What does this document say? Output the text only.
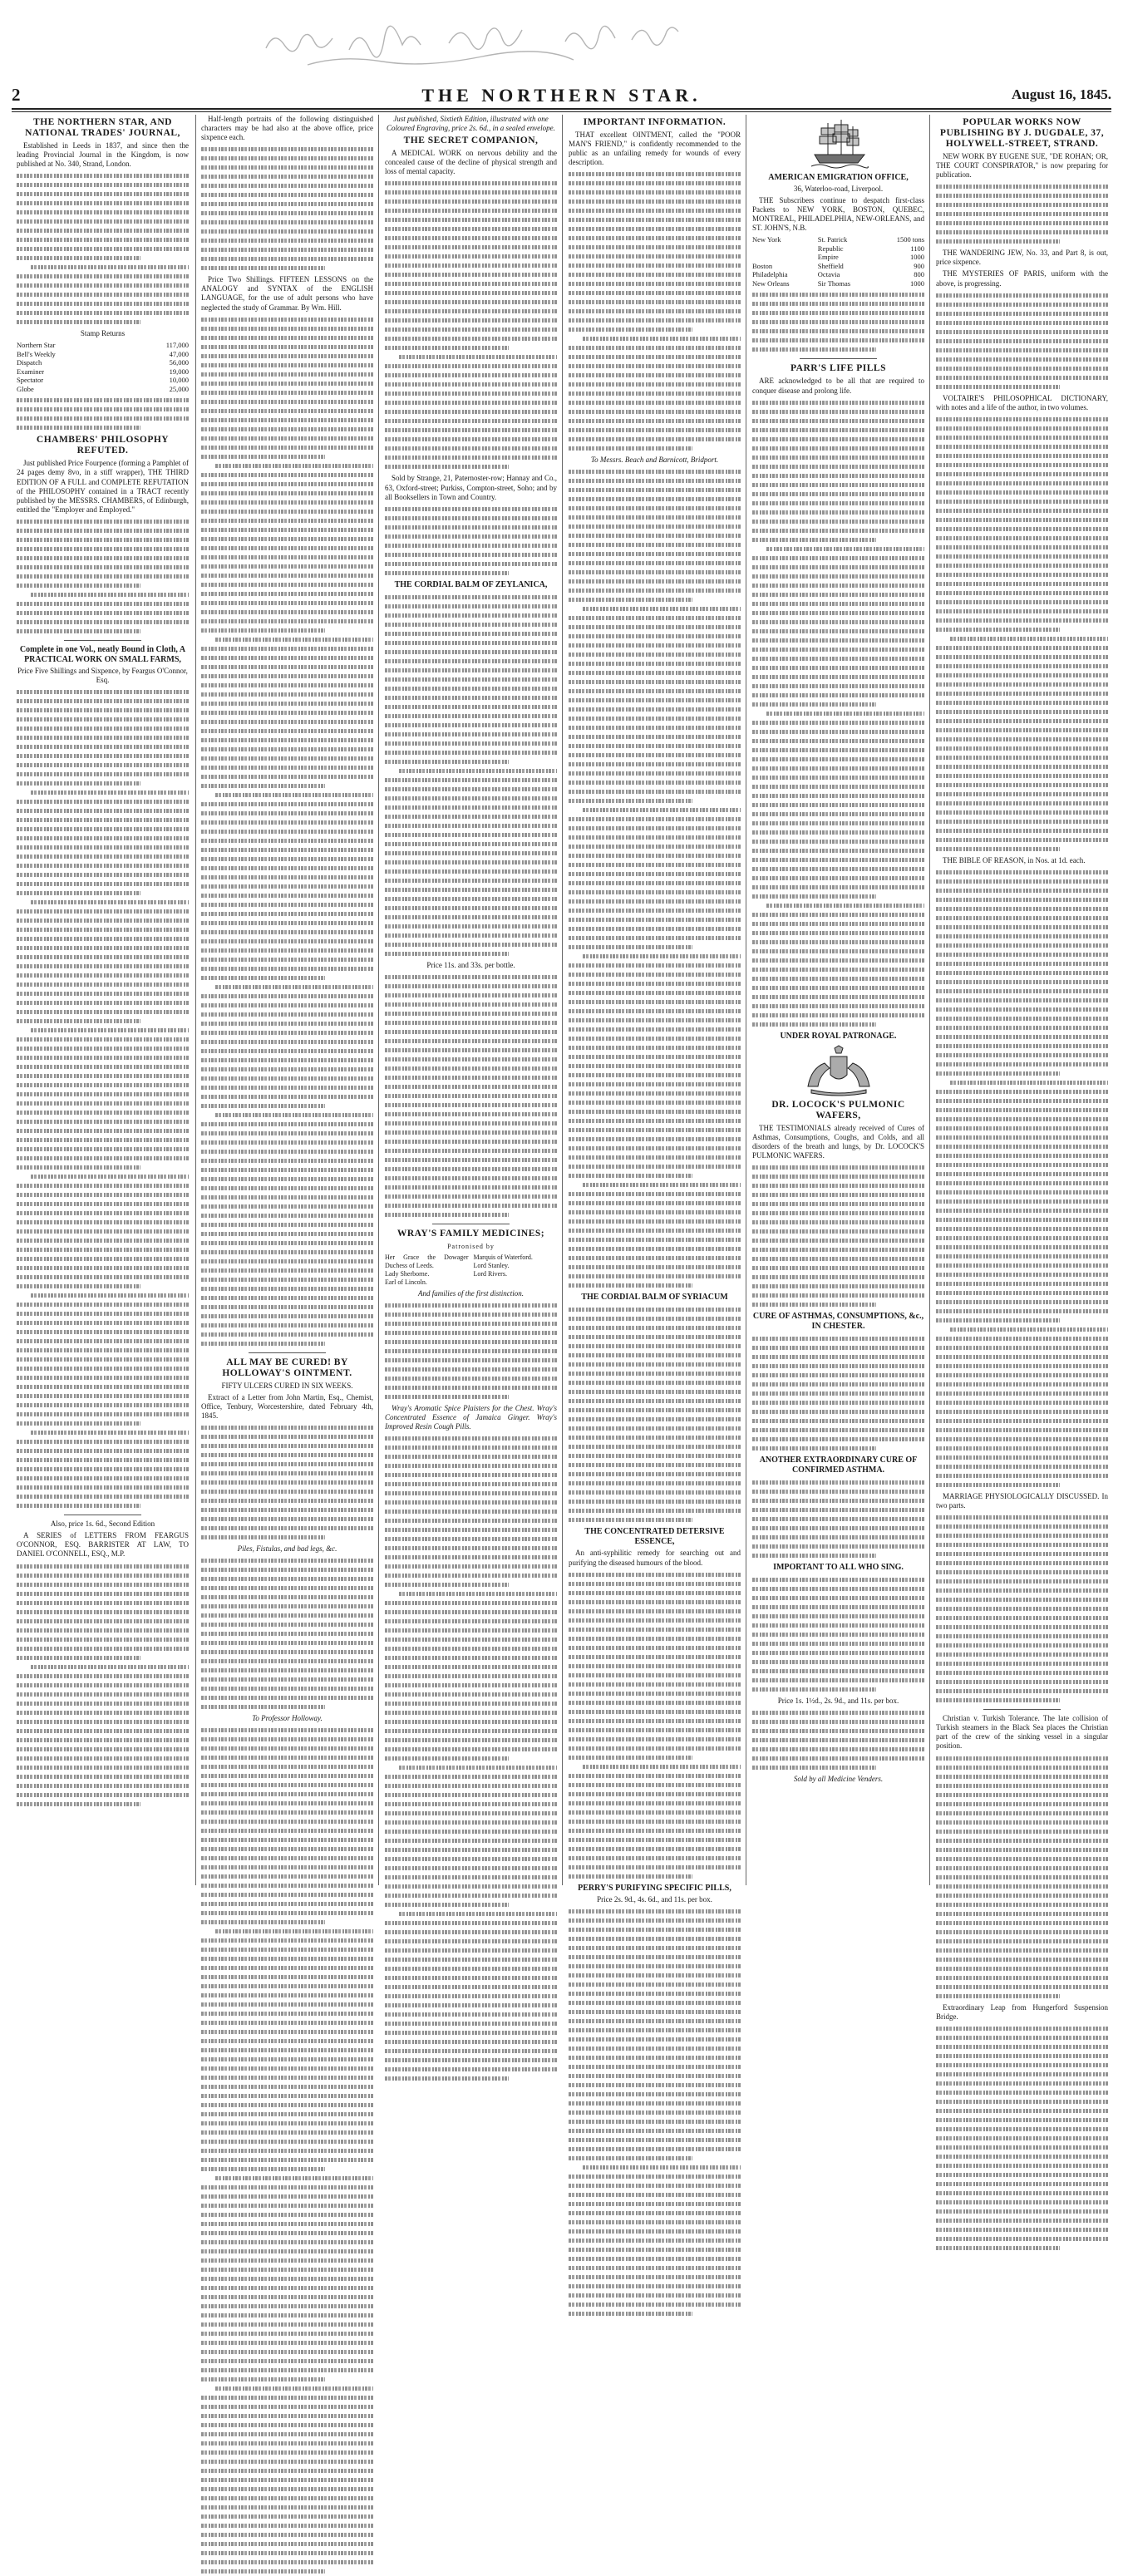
2	THE NORTHERN STAR.	August 16, 1845.
THE NORTHERN STAR, AND NATIONAL TRADES' JOURNAL,

Established in Leeds in 1837, and since then the leading Provincial Journal in the Kingdom, is now published at No. 340, Strand, London.

Stamp Returns

Northern Star	117,000
Bell's Weekly	47,000
Dispatch	56,000
Examiner	19,000
Spectator	10,000
Globe	25,000
CHAMBERS' PHILOSOPHY REFUTED.

Just published Price Fourpence (forming a Pamphlet of 24 pages demy 8vo, in a stiff wrapper), THE THIRD EDITION OF A FULL and COMPLETE REFUTATION of the PHILOSOPHY contained in a TRACT recently published by the MESSRS. CHAMBERS, of Edinburgh, entitled the "Employer and Employed."

Complete in one Vol., neatly Bound in Cloth, A PRACTICAL WORK ON SMALL FARMS,

Price Five Shillings and Sixpence, by Feargus O'Connor, Esq.

Also, price 1s. 6d., Second Edition

A SERIES of LETTERS FROM FEARGUS O'CONNOR, ESQ. BARRISTER AT LAW, TO DANIEL O'CONNELL, ESQ., M.P.

Half-length portraits of the following distinguished characters may be had also at the above office, price sixpence each.

Price Two Shillings. FIFTEEN LESSONS on the ANALOGY and SYNTAX of the ENGLISH LANGUAGE, for the use of adult persons who have neglected the study of Grammar. By Wm. Hill.

ALL MAY BE CURED! BY HOLLOWAY'S OINTMENT.

FIFTY ULCERS CURED IN SIX WEEKS.

Extract of a Letter from John Martin, Esq., Chemist, Office, Tenbury, Worcestershire, dated February 4th, 1845.

Piles, Fistulas, and bad legs, &c.

To Professor Holloway.

Just published, Sixtieth Edition, illustrated with one Coloured Engraving, price 2s. 6d., in a sealed envelope.

THE SECRET COMPANION,

A MEDICAL WORK on nervous debility and the concealed cause of the decline of physical strength and loss of mental capacity.

Sold by Strange, 21, Paternoster-row; Hannay and Co., 63, Oxford-street; Purkiss, Compton-street, Soho; and by all Booksellers in Town and Country.

THE CORDIAL BALM OF ZEYLANICA,

Price 11s. and 33s. per bottle.

WRAY'S FAMILY MEDICINES;

Patronised by

Her Grace the Dowager Duchess of Leeds.
Lady Sherborne.
Earl of Lincoln.
Marquis of Waterford.
Lord Stanley.
Lord Rivers.

And families of the first distinction.

Wray's Aromatic Spice Plaisters for the Chest. Wray's Concentrated Essence of Jamaica Ginger. Wray's Improved Resin Cough Pills.

IMPORTANT INFORMATION.

THAT excellent OINTMENT, called the "POOR MAN'S FRIEND," is confidently recommended to the public as an unfailing remedy for wounds of every description.

To Messrs. Beach and Barnicott, Bridport.

THE CORDIAL BALM OF SYRIACUM
THE CONCENTRATED DETERSIVE ESSENCE,

An anti-syphilitic remedy for searching out and purifying the diseased humours of the blood.

PERRY'S PURIFYING SPECIFIC PILLS,

Price 2s. 9d., 4s. 6d., and 11s. per box.

AMERICAN EMIGRATION OFFICE,

36, Waterloo-road, Liverpool.

THE Subscribers continue to despatch first-class Packets to NEW YORK, BOSTON, QUEBEC, MONTREAL, PHILADELPHIA, NEW-ORLEANS, and ST. JOHN'S, N.B.

New York	St. Patrick	1500 tons
	Republic	1100
	Empire	1000
Boston	Sheffield	900
Philadelphia	Octavia	800
New Orleans	Sir Thomas	1000
PARR'S LIFE PILLS

ARE acknowledged to be all that are required to conquer disease and prolong life.

UNDER ROYAL PATRONAGE.
DR. LOCOCK'S PULMONIC WAFERS,

THE TESTIMONIALS already received of Cures of Asthmas, Consumptions, Coughs, and Colds, and all disorders of the breath and lungs, by Dr. LOCOCK'S PULMONIC WAFERS.

CURE OF ASTHMAS, CONSUMPTIONS, &c., IN CHESTER.
ANOTHER EXTRAORDINARY CURE OF CONFIRMED ASTHMA.
IMPORTANT TO ALL WHO SING.

Price 1s. 1½d., 2s. 9d., and 11s. per box.

Sold by all Medicine Venders.

POPULAR WORKS NOW PUBLISHING BY J. DUGDALE, 37, HOLYWELL-STREET, STRAND.

NEW WORK BY EUGENE SUE, "DE ROHAN; OR, THE COURT CONSPIRATOR," is now preparing for publication.

THE WANDERING JEW, No. 33, and Part 8, is out, price sixpence.

THE MYSTERIES OF PARIS, uniform with the above, is progressing.

VOLTAIRE'S PHILOSOPHICAL DICTIONARY, with notes and a life of the author, in two volumes.

THE BIBLE OF REASON, in Nos. at 1d. each.

MARRIAGE PHYSIOLOGICALLY DISCUSSED. In two parts.

Christian v. Turkish Tolerance. The late collision of Turkish steamers in the Black Sea places the Christian part of the crew of the sinking vessel in a singular position.

Extraordinary Leap from Hungerford Suspension Bridge.
